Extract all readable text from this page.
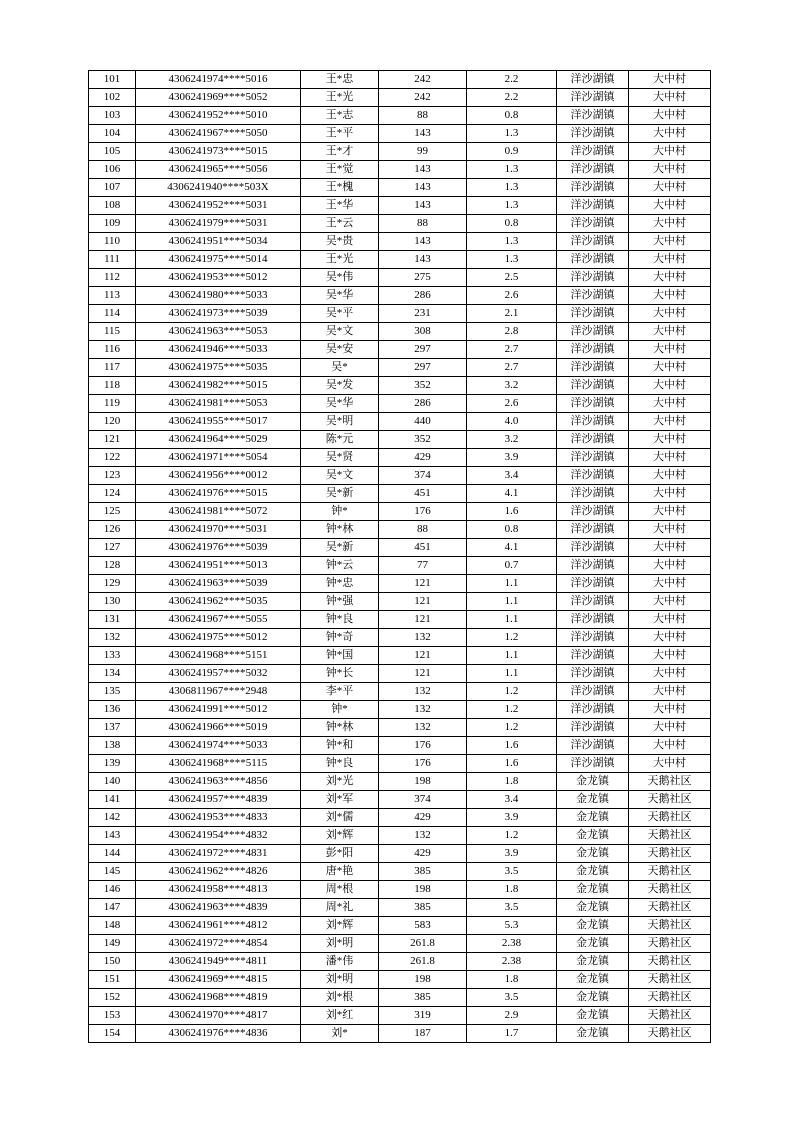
101	4306241974****5016	王*忠	242	2.2	洋沙湖镇	大中村
102	4306241969****5052	王*光	242	2.2	洋沙湖镇	大中村
103	4306241952****5010	王*志	88	0.8	洋沙湖镇	大中村
104	4306241967****5050	王*平	143	1.3	洋沙湖镇	大中村
105	4306241973****5015	王*才	99	0.9	洋沙湖镇	大中村
106	4306241965****5056	王*觉	143	1.3	洋沙湖镇	大中村
107	4306241940****503X	王*槐	143	1.3	洋沙湖镇	大中村
108	4306241952****5031	王*华	143	1.3	洋沙湖镇	大中村
109	4306241979****5031	王*云	88	0.8	洋沙湖镇	大中村
110	4306241951****5034	吴*贵	143	1.3	洋沙湖镇	大中村
111	4306241975****5014	王*光	143	1.3	洋沙湖镇	大中村
112	4306241953****5012	吴*伟	275	2.5	洋沙湖镇	大中村
113	4306241980****5033	吴*华	286	2.6	洋沙湖镇	大中村
114	4306241973****5039	吴*平	231	2.1	洋沙湖镇	大中村
115	4306241963****5053	吴*文	308	2.8	洋沙湖镇	大中村
116	4306241946****5033	吴*安	297	2.7	洋沙湖镇	大中村
117	4306241975****5035	吴*	297	2.7	洋沙湖镇	大中村
118	4306241982****5015	吴*发	352	3.2	洋沙湖镇	大中村
119	4306241981****5053	吴*华	286	2.6	洋沙湖镇	大中村
120	4306241955****5017	吴*明	440	4.0	洋沙湖镇	大中村
121	4306241964****5029	陈*元	352	3.2	洋沙湖镇	大中村
122	4306241971****5054	吴*贤	429	3.9	洋沙湖镇	大中村
123	4306241956****0012	吴*文	374	3.4	洋沙湖镇	大中村
124	4306241976****5015	吴*新	451	4.1	洋沙湖镇	大中村
125	4306241981****5072	钟*	176	1.6	洋沙湖镇	大中村
126	4306241970****5031	钟*林	88	0.8	洋沙湖镇	大中村
127	4306241976****5039	吴*新	451	4.1	洋沙湖镇	大中村
128	4306241951****5013	钟*云	77	0.7	洋沙湖镇	大中村
129	4306241963****5039	钟*忠	121	1.1	洋沙湖镇	大中村
130	4306241962****5035	钟*强	121	1.1	洋沙湖镇	大中村
131	4306241967****5055	钟*良	121	1.1	洋沙湖镇	大中村
132	4306241975****5012	钟*奇	132	1.2	洋沙湖镇	大中村
133	4306241968****5151	钟*国	121	1.1	洋沙湖镇	大中村
134	4306241957****5032	钟*长	121	1.1	洋沙湖镇	大中村
135	4306811967****2948	李*平	132	1.2	洋沙湖镇	大中村
136	4306241991****5012	钟*	132	1.2	洋沙湖镇	大中村
137	4306241966****5019	钟*林	132	1.2	洋沙湖镇	大中村
138	4306241974****5033	钟*和	176	1.6	洋沙湖镇	大中村
139	4306241968****5115	钟*良	176	1.6	洋沙湖镇	大中村
140	4306241963****4856	刘*光	198	1.8	金龙镇	天鹅社区
141	4306241957****4839	刘*军	374	3.4	金龙镇	天鹅社区
142	4306241953****4833	刘*儒	429	3.9	金龙镇	天鹅社区
143	4306241954****4832	刘*辉	132	1.2	金龙镇	天鹅社区
144	4306241972****4831	彭*阳	429	3.9	金龙镇	天鹅社区
145	4306241962****4826	唐*艳	385	3.5	金龙镇	天鹅社区
146	4306241958****4813	周*根	198	1.8	金龙镇	天鹅社区
147	4306241963****4839	周*礼	385	3.5	金龙镇	天鹅社区
148	4306241961****4812	刘*辉	583	5.3	金龙镇	天鹅社区
149	4306241972****4854	刘*明	261.8	2.38	金龙镇	天鹅社区
150	4306241949****4811	潘*伟	261.8	2.38	金龙镇	天鹅社区
151	4306241969****4815	刘*明	198	1.8	金龙镇	天鹅社区
152	4306241968****4819	刘*根	385	3.5	金龙镇	天鹅社区
153	4306241970****4817	刘*红	319	2.9	金龙镇	天鹅社区
154	4306241976****4836	刘*	187	1.7	金龙镇	天鹅社区
